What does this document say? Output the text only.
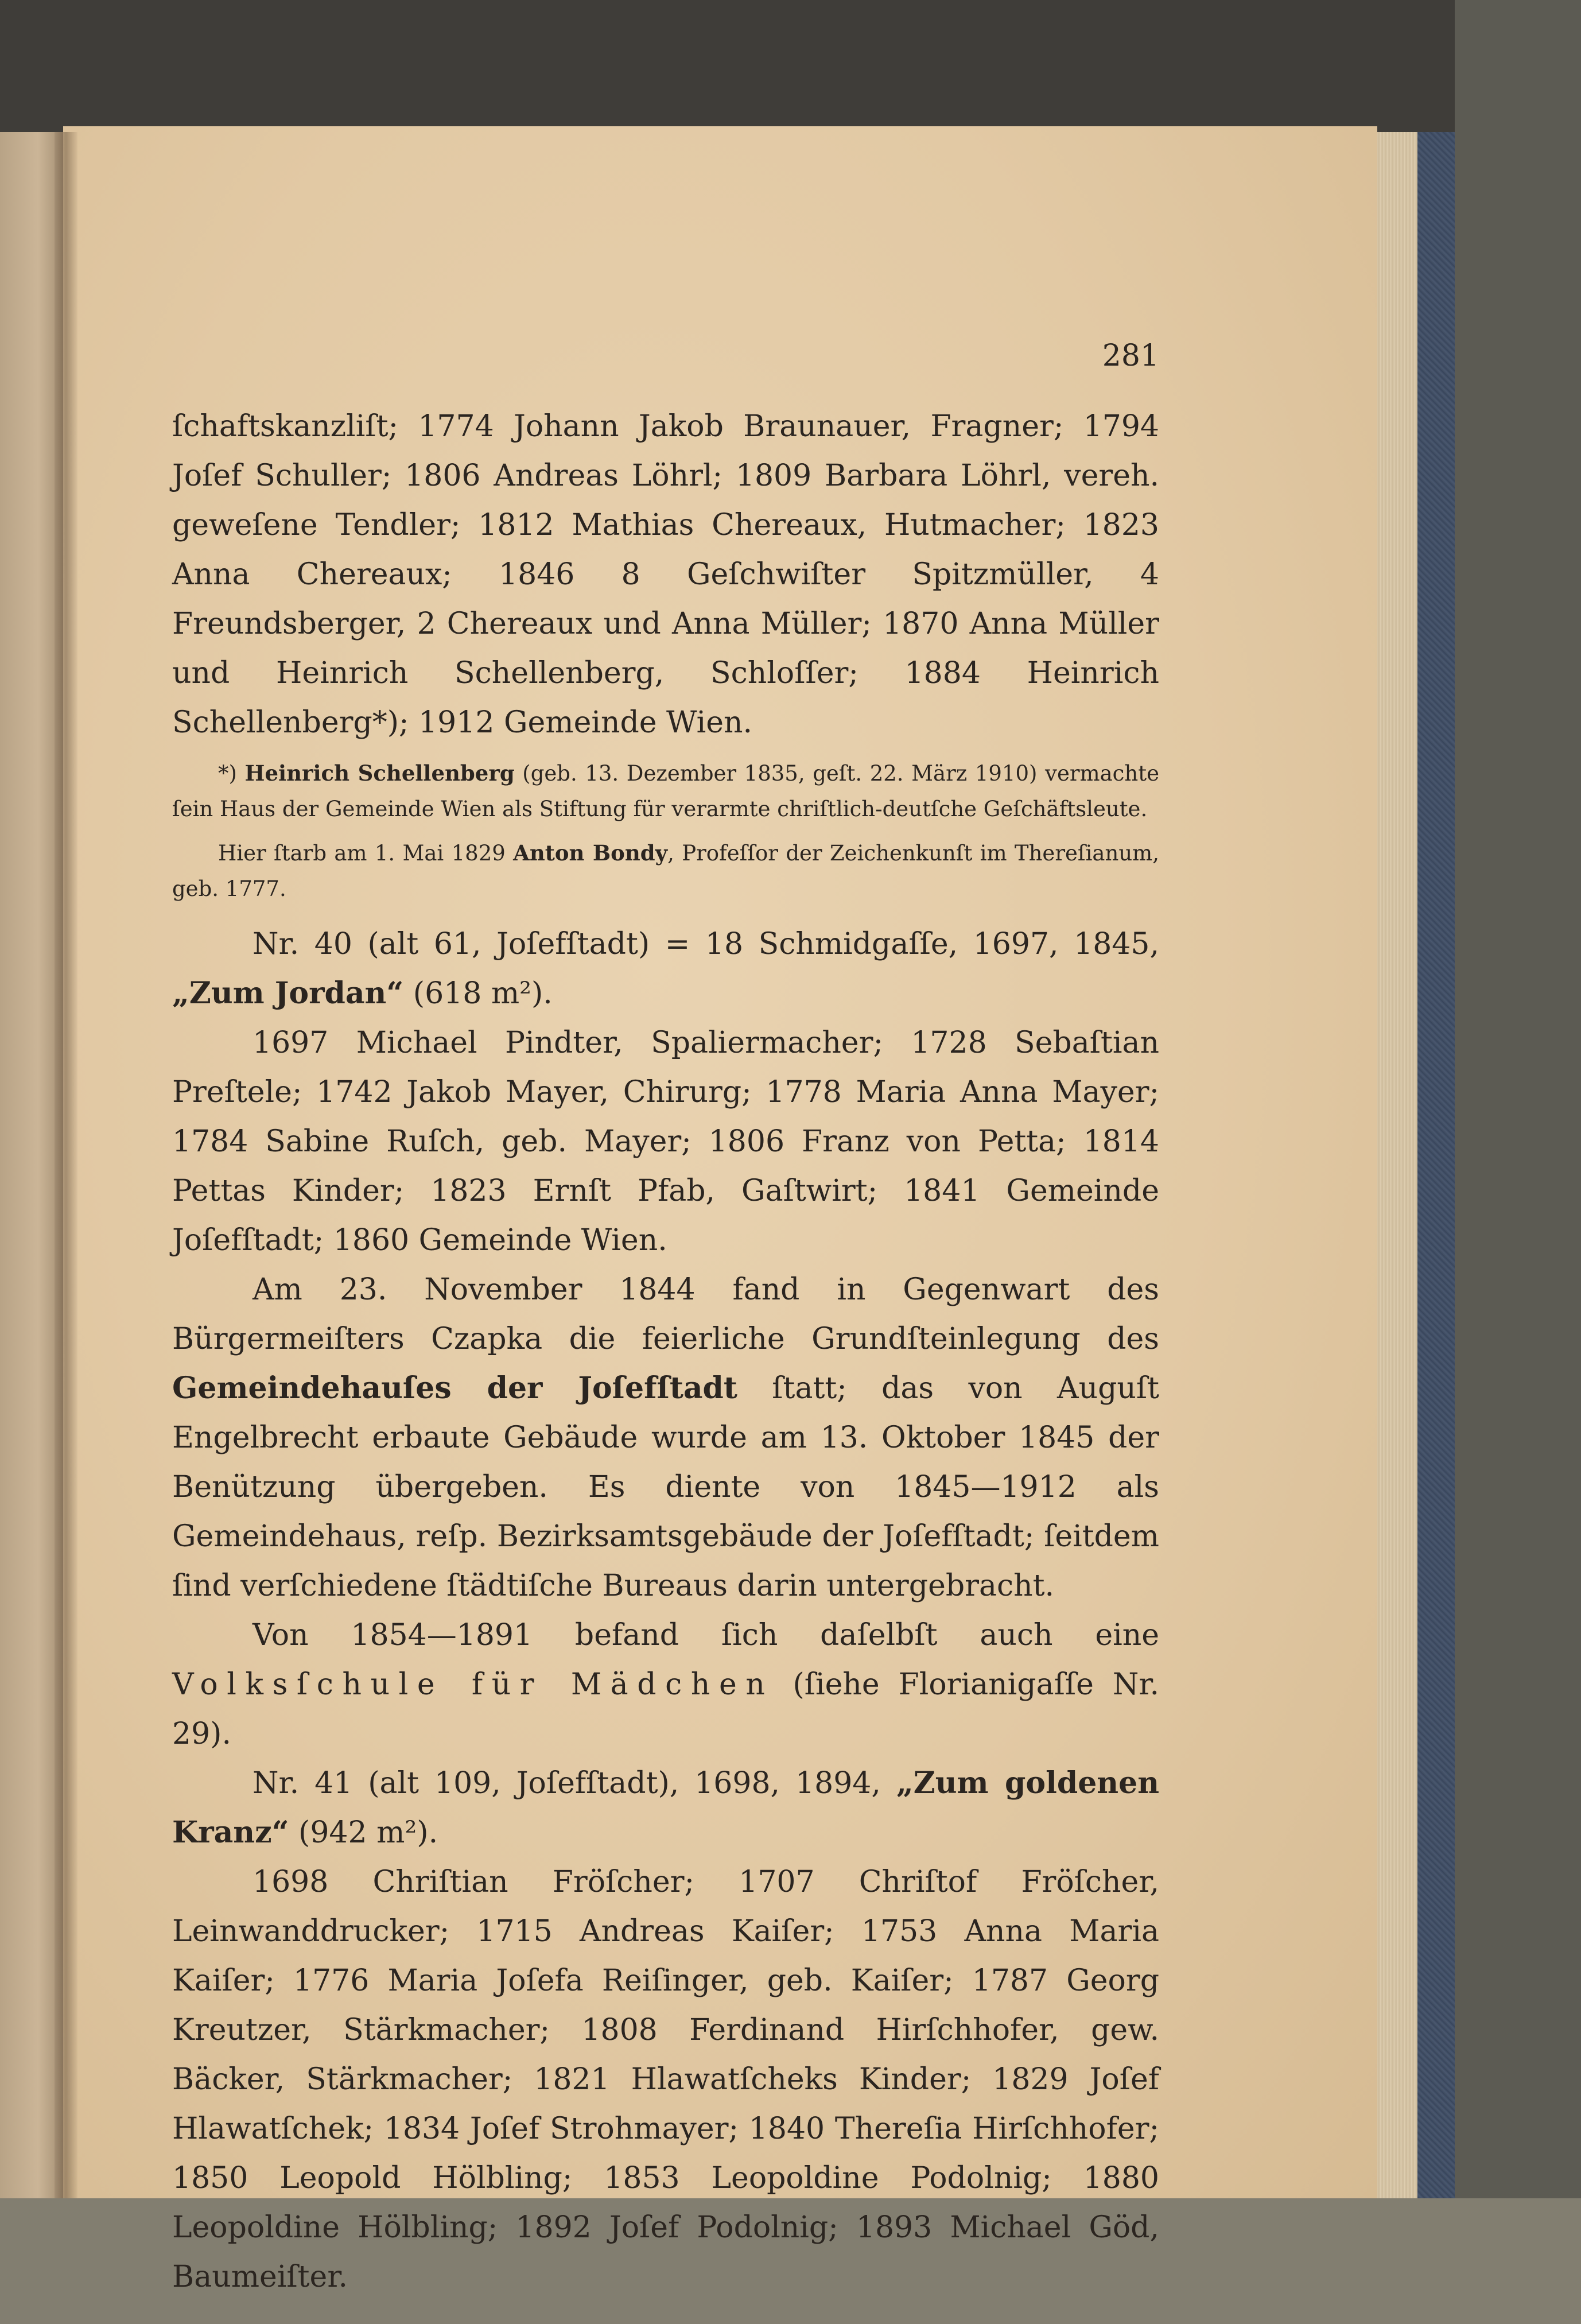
281

ſchaftskanzliſt; 1774 Johann Jakob Braunauer, Fragner; 1794 Joſef Schuller; 1806 Andreas Löhrl; 1809 Barbara Löhrl, vereh. geweſene Tendler; 1812 Mathias Chereaux, Hutmacher; 1823 Anna Chereaux; 1846 8 Geſchwiſter Spitzmüller, 4 Freundsberger, 2 Chereaux und Anna Müller; 1870 Anna Müller und Heinrich Schellenberg, Schloſſer; 1884 Heinrich Schellenberg*); 1912 Gemeinde Wien.

*) Heinrich Schellenberg (geb. 13. Dezember 1835, geſt. 22. März 1910) vermachte ſein Haus der Gemeinde Wien als Stiftung für verarmte chriſtlich-deutſche Geſchäftsleute.

Hier ſtarb am 1. Mai 1829 Anton Bondy, Profeſſor der Zeichenkunſt im Thereſianum, geb. 1777.

Nr. 40 (alt 61, Joſefſtadt) = 18 Schmidgaſſe, 1697, 1845, „Zum Jordan“ (618 m²).

1697 Michael Pindter, Spaliermacher; 1728 Sebaſtian Preſtele; 1742 Jakob Mayer, Chirurg; 1778 Maria Anna Mayer; 1784 Sabine Ruſch, geb. Mayer; 1806 Franz von Petta; 1814 Pettas Kinder; 1823 Ernſt Pfab, Gaſtwirt; 1841 Gemeinde Joſefſtadt; 1860 Gemeinde Wien.

Am 23. November 1844 fand in Gegenwart des Bürgermeiſters Czapka die feierliche Grundſteinlegung des Gemeindehauſes der Joſefſtadt ſtatt; das von Auguſt Engelbrecht erbaute Gebäude wurde am 13. Oktober 1845 der Benützung übergeben. Es diente von 1845—1912 als Gemeindehaus, reſp. Bezirksamtsgebäude der Joſefſtadt; ſeitdem ſind verſchiedene ſtädtiſche Bureaus darin untergebracht.

Von 1854—1891 befand ſich daſelbſt auch eine Volksſchule für Mädchen (ſiehe Florianigaſſe Nr. 29).

Nr. 41 (alt 109, Joſefſtadt), 1698, 1894, „Zum goldenen Kranz“ (942 m²).

1698 Chriſtian Fröſcher; 1707 Chriſtof Fröſcher, Leinwanddrucker; 1715 Andreas Kaiſer; 1753 Anna Maria Kaiſer; 1776 Maria Joſefa Reiſinger, geb. Kaiſer; 1787 Georg Kreutzer, Stärkmacher; 1808 Ferdinand Hirſchhofer, gew. Bäcker, Stärkmacher; 1821 Hlawatſcheks Kinder; 1829 Joſef Hlawatſchek; 1834 Joſef Strohmayer; 1840 Thereſia Hirſchhofer; 1850 Leopold Hölbling; 1853 Leopoldine Podolnig; 1880 Leopoldine Hölbling; 1892 Joſef Podolnig; 1893 Michael Göd, Baumeiſter.
